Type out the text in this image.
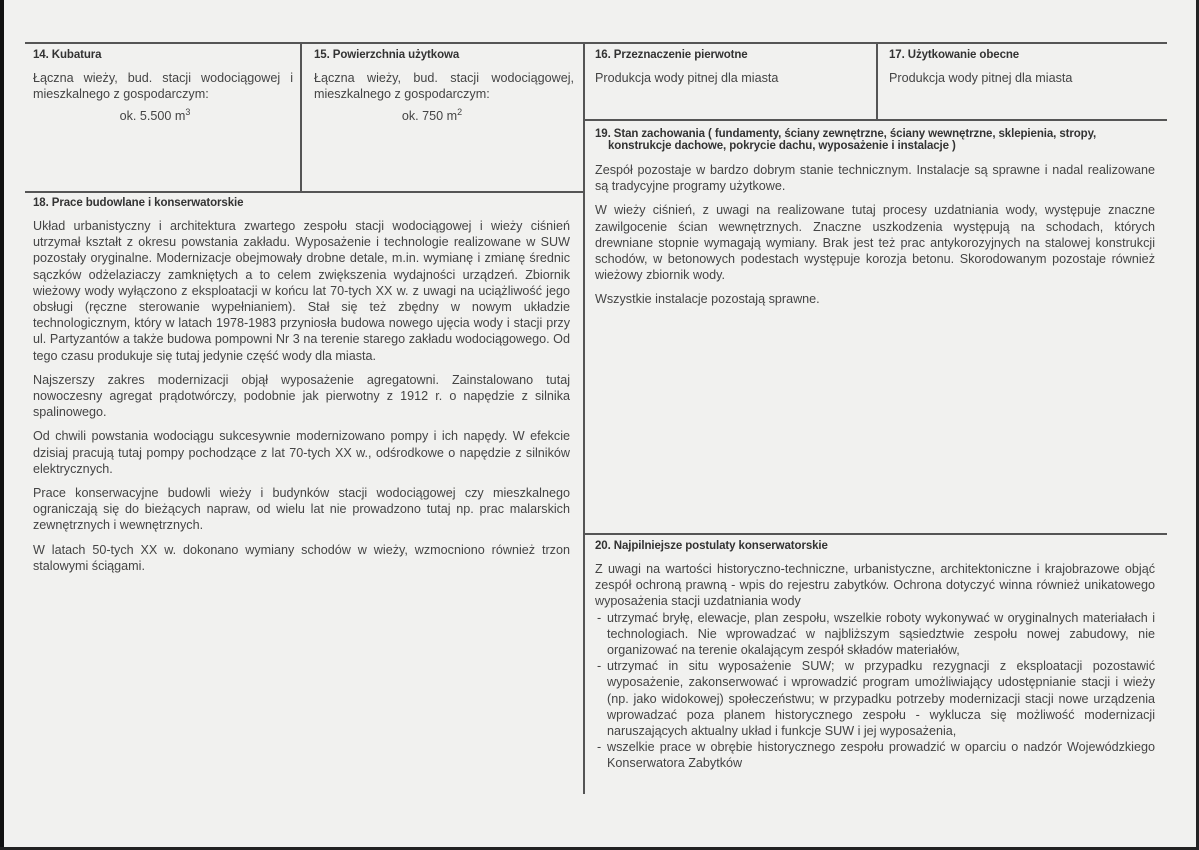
14. Kubatura
Łączna wieży, bud. stacji wodociągowej i mieszkalnego z gospodarczym:
ok. 5.500 $m^3$
15. Powierzchnia użytkowa
Łączna wieży, bud. stacji wodociągowej, mieszkalnego z gospodarczym:
ok. 750 $m^2$
16. Przeznaczenie pierwotne
Produkcja wody pitnej dla miasta
17. Użytkowanie obecne
Produkcja wody pitnej dla miasta
18. Prace budowlane i konserwatorskie

Układ urbanistyczny i architektura zwartego zespołu stacji wodociągowej i wieży ciśnień utrzymał kształt z okresu powstania zakładu. Wyposażenie i technologie realizowane w SUW pozostały oryginalne. Modernizacje obejmowały drobne detale, m.in. wymianę i zmianę średnic sączków odżelaziaczy zamkniętych a to celem zwiększenia wydajności urządzeń. Zbiornik wieżowy wody wyłączono z eksploatacji w końcu lat 70-tych XX w. z uwagi na uciążliwość jego obsługi (ręczne sterowanie wypełnianiem). Stał się też zbędny w nowym układzie technologicznym, który w latach 1978-1983 przyniosła budowa nowego ujęcia wody i stacji przy ul. Partyzantów a także budowa pompowni Nr 3 na terenie starego zakładu wodociągowego. Od tego czasu produkuje się tutaj jedynie część wody dla miasta.

Najszerszy zakres modernizacji objął wyposażenie agregatowni. Zainstalowano tutaj nowoczesny agregat prądotwórczy, podobnie jak pierwotny z 1912 r. o napędzie z silnika spalinowego.

Od chwili powstania wodociągu sukcesywnie modernizowano pompy i ich napędy. W efekcie dzisiaj pracują tutaj pompy pochodzące z lat 70-tych XX w., odśrodkowe o napędzie z silników elektrycznych.

Prace konserwacyjne budowli wieży i budynków stacji wodociągowej czy mieszkalnego ograniczają się do bieżących napraw, od wielu lat nie prowadzono tutaj np. prac malarskich zewnętrznych i wewnętrznych.

W latach 50-tych XX w. dokonano wymiany schodów w wieży, wzmocniono również trzon stalowymi ściągami.

19. Stan zachowania ( fundamenty, ściany zewnętrzne, ściany wewnętrzne, sklepienia, stropy,
konstrukcje dachowe, pokrycie dachu, wyposażenie i instalacje )

Zespół pozostaje w bardzo dobrym stanie technicznym. Instalacje są sprawne i nadal realizowane są tradycyjne programy użytkowe.

W wieży ciśnień, z uwagi na realizowane tutaj procesy uzdatniania wody, występuje znaczne zawilgocenie ścian wewnętrznych. Znaczne uszkodzenia występują na schodach, których drewniane stopnie wymagają wymiany. Brak jest też prac antykorozyjnych na stalowej konstrukcji schodów, w betonowych podestach występuje korozja betonu. Skorodowanym pozostaje również wieżowy zbiornik wody.

Wszystkie instalacje pozostają sprawne.

20. Najpilniejsze postulaty konserwatorskie
Z uwagi na wartości historyczno-techniczne, urbanistyczne, architektoniczne i krajobrazowe objąć zespół ochroną prawną - wpis do rejestru zabytków. Ochrona dotyczyć winna również unikatowego wyposażenia stacji uzdatniania wody
- utrzymać bryłę, elewacje, plan zespołu, wszelkie roboty wykonywać w oryginalnych materiałach i technologiach. Nie wprowadzać w najbliższym sąsiedztwie zespołu nowej zabudowy, nie organizować na terenie okalającym zespół składów materiałów,
- utrzymać in situ wyposażenie SUW; w przypadku rezygnacji z eksploatacji pozostawić wyposażenie, zakonserwować i wprowadzić program umożliwiający udostępnianie stacji i wieży (np. jako widokowej) społeczeństwu; w przypadku potrzeby modernizacji stacji nowe urządzenia wprowadzać poza planem historycznego zespołu - wyklucza się możliwość modernizacji naruszających aktualny układ i funkcje SUW i jej wyposażenia,
- wszelkie prace w obrębie historycznego zespołu prowadzić w oparciu o nadzór Wojewódzkiego Konserwatora Zabytków
